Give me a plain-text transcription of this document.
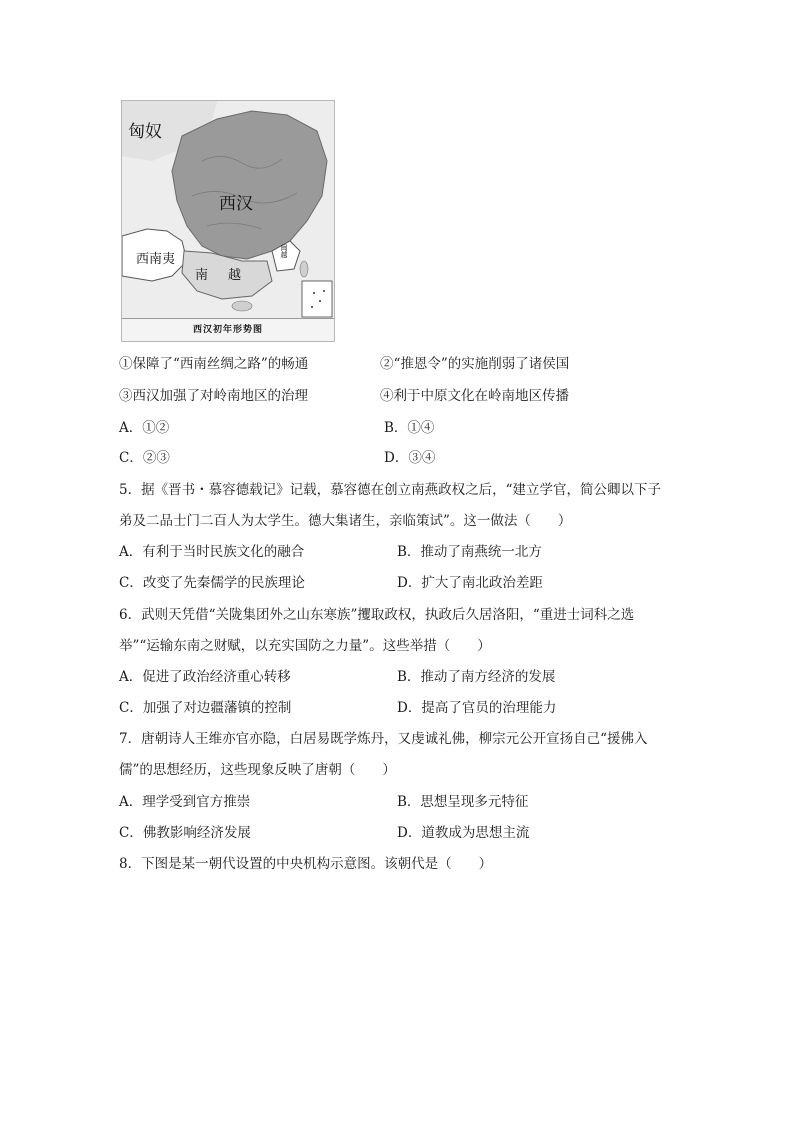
匈奴
西汉
西南夷
南 越
闽越
西汉初年形势图
①保障了“西南丝绸之路”的畅通	②“推恩令”的实施削弱了诸侯国
③西汉加强了对岭南地区的治理	④利于中原文化在岭南地区传播
A．①②	B．①④
C．②③	D．③④
5．据《晋书・慕容德载记》记载，慕容德在创立南燕政权之后，“建立学官，简公卿以下子
弟及二品士门二百人为太学生。德大集诸生，亲临策试”。这一做法（　　）
A．有利于当时民族文化的融合	B．推动了南燕统一北方
C．改变了先秦儒学的民族理论	D．扩大了南北政治差距
6．武则天凭借“关陇集团外之山东寒族”攫取政权，执政后久居洛阳，“重进士词科之选
举”“运输东南之财赋，以充实国防之力量”。这些举措（　　）
A．促进了政治经济重心转移	B．推动了南方经济的发展
C．加强了对边疆藩镇的控制	D．提高了官员的治理能力
7．唐朝诗人王维亦官亦隐，白居易既学炼丹，又虔诚礼佛，柳宗元公开宣扬自己“援佛入
儒”的思想经历，这些现象反映了唐朝（　　）
A．理学受到官方推崇	B．思想呈现多元特征
C．佛教影响经济发展	D．道教成为思想主流
8．下图是某一朝代设置的中央机构示意图。该朝代是（　　）
